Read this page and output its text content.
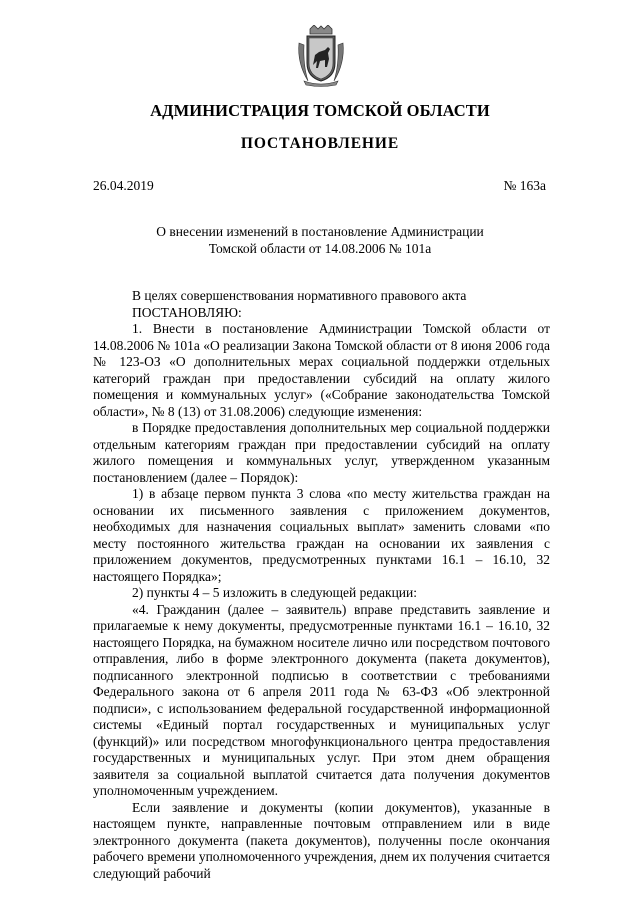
АДМИНИСТРАЦИЯ ТОМСКОЙ ОБЛАСТИ
ПОСТАНОВЛЕНИЕ
26.04.2019	№ 163а
О внесении изменений в постановление Администрации
Томской области от 14.08.2006 № 101а

В целях совершенствования нормативного правового акта

ПОСТАНОВЛЯЮ:

1. Внести в постановление Администрации Томской области от 14.08.2006 № 101а «О реализации Закона Томской области от 8 июня 2006 года № 123-ОЗ «О дополнительных мерах социальной поддержки отдельных категорий граждан при предоставлении субсидий на оплату жилого помещения и коммунальных услуг» («Собрание законодательства Томской области», № 8 (13) от 31.08.2006) следующие изменения:

в Порядке предоставления дополнительных мер социальной поддержки отдельным категориям граждан при предоставлении субсидий на оплату жилого помещения и коммунальных услуг, утвержденном указанным постановлением (далее – Порядок):

1) в абзаце первом пункта 3 слова «по месту жительства граждан на основании их письменного заявления с приложением документов, необходимых для назначения социальных выплат» заменить словами «по месту постоянного жительства граждан на основании их заявления с приложением документов, предусмотренных пунктами 16.1 – 16.10, 32 настоящего Порядка»;

2) пункты 4 – 5 изложить в следующей редакции:

«4. Гражданин (далее – заявитель) вправе представить заявление и прилагаемые к нему документы, предусмотренные пунктами 16.1 – 16.10, 32 настоящего Порядка, на бумажном носителе лично или посредством почтового отправления, либо в форме электронного документа (пакета документов), подписанного электронной подписью в соответствии с требованиями Федерального закона от 6 апреля 2011 года № 63-ФЗ «Об электронной подписи», с использованием федеральной государственной информационной системы «Единый портал государственных и муниципальных услуг (функций)» или посредством многофункционального центра предоставления государственных и муниципальных услуг. При этом днем обращения заявителя за социальной выплатой считается дата получения документов уполномоченным учреждением.

Если заявление и документы (копии документов), указанные в настоящем пункте, направленные почтовым отправлением или в виде электронного документа (пакета документов), полученны после окончания рабочего времени уполномоченного учреждения, днем их получения считается следующий рабочий
